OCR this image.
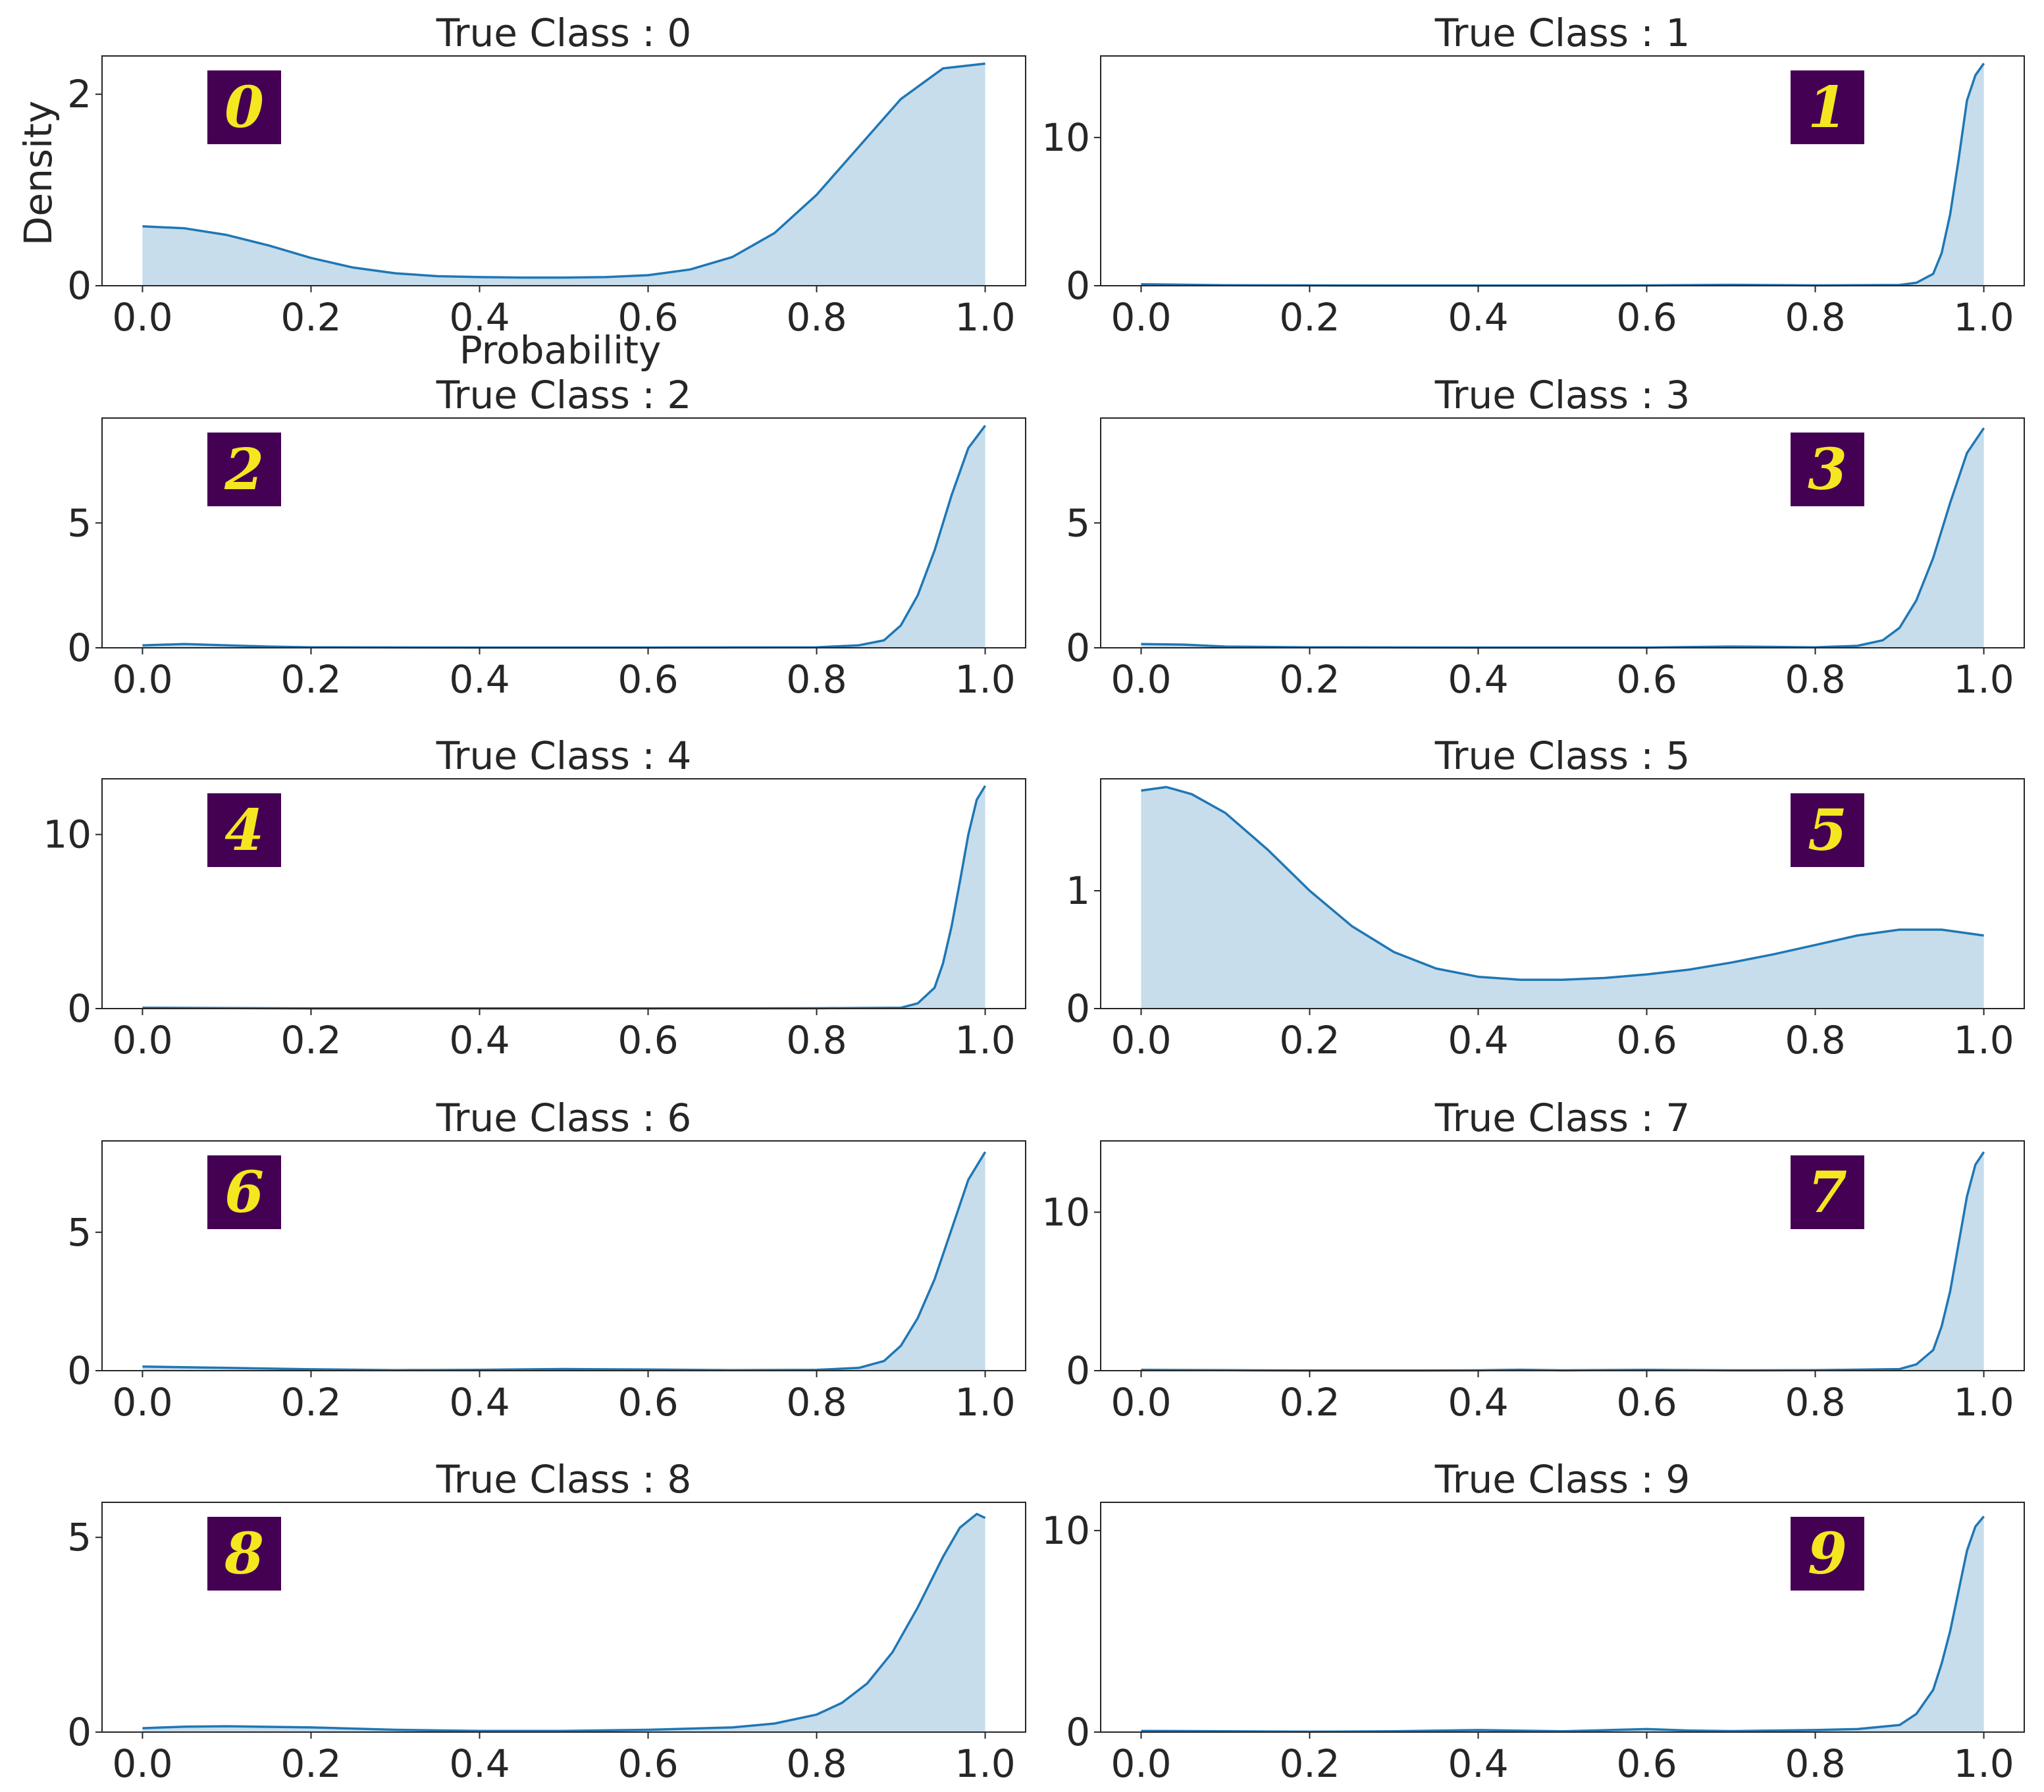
True Class : 0
0.0	0.2	0.4	0.6	0.8	1.0
0
2 0
True Class : 1
0.0	0.2	0.4	0.6	0.8	1.0
0
10	1
True Class : 2
0.0	0.2	0.4	0.6	0.8	1.0
0
5
2
True Class : 3
0.0	0.2	0.4	0.6	0.8	1.0
0
5
3
True Class : 4
0.0	0.2	0.4	0.6	0.8	1.0
0
10 4
True Class : 5
0.0	0.2	0.4	0.6	0.8	1.0
0
1
5
True Class : 6
0.0	0.2	0.4	0.6	0.8	1.0
0
5
6
True Class : 7
0.0	0.2	0.4	0.6	0.8	1.0
0
10	7
True Class : 8
0.0	0.2	0.4	0.6	0.8	1.0
0
5 8
True Class : 9
0.0	0.2	0.4	0.6	0.8	1.0
0
10	9
Density
Probability
